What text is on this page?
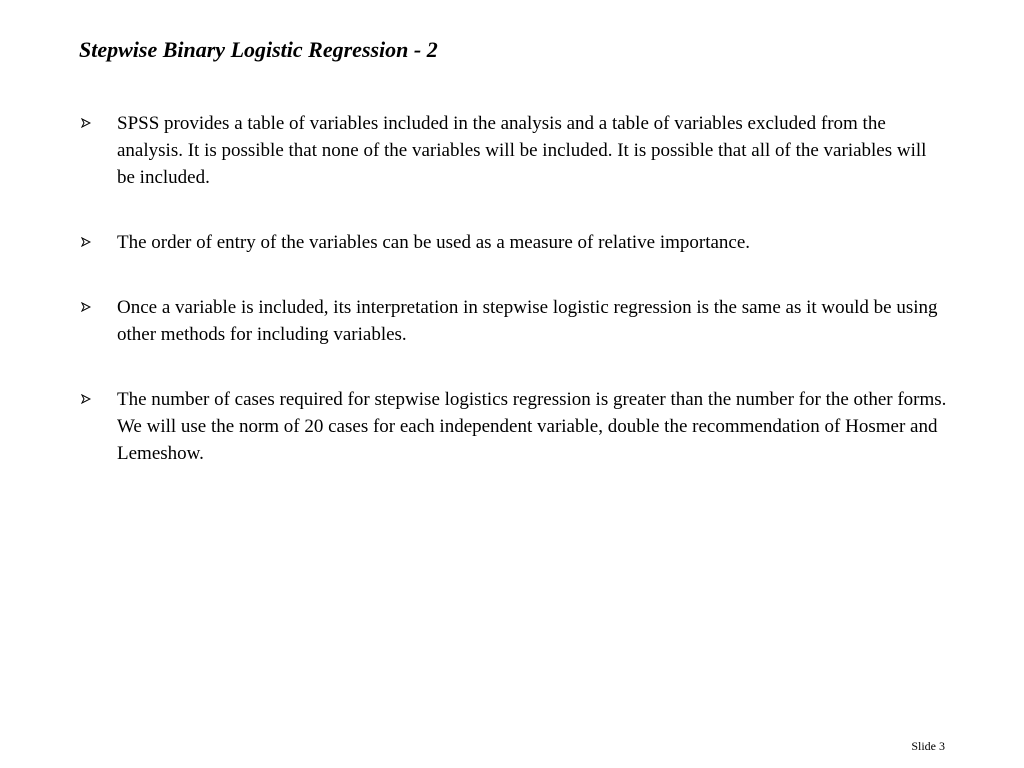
Stepwise Binary Logistic Regression - 2
SPSS provides a table of variables included in the analysis and a table of variables excluded from the analysis. It is possible that none of the variables will be included. It is possible that all of the variables will be included.
The order of entry of the variables can be used as a measure of relative importance.
Once a variable is included, its interpretation in stepwise logistic regression is the same as it would be using other methods for including variables.
The number of cases required for stepwise logistics regression is greater than the number for the other forms. We will use the norm of 20 cases for each independent variable, double the recommendation of Hosmer and Lemeshow.
Slide 3
